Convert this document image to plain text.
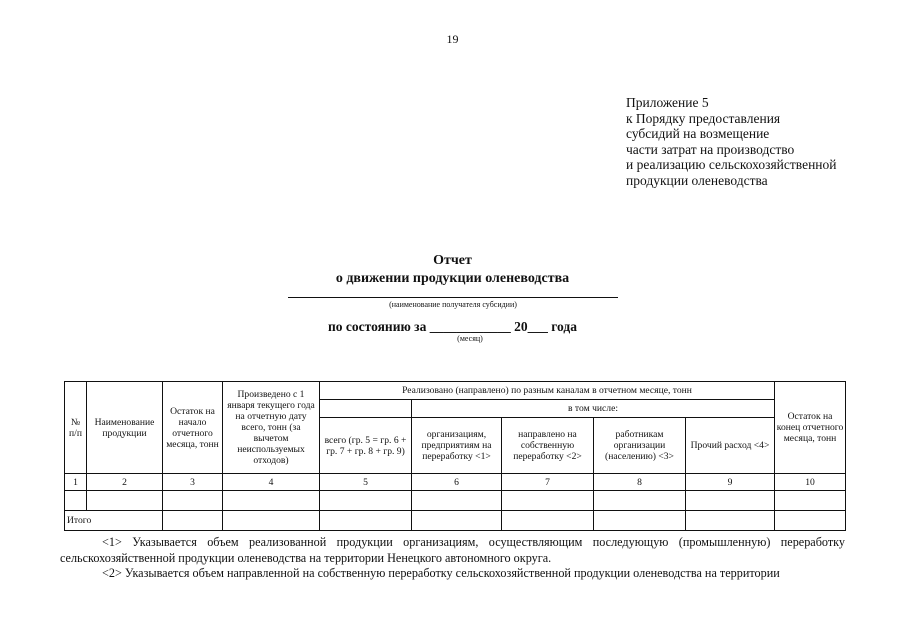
19
Приложение 5
к Порядку предоставления
субсидий на возмещение
части затрат на производство
и реализацию сельскохозяйственной
продукции оленеводства
Отчет
о движении продукции оленеводства
(наименование получателя субсидии)
по состоянию за ____________ 20___ года
(месяц)
№ п/п	Наименование продукции	Остаток на начало отчетного месяца, тонн	Произведено с 1 января текущего года на отчетную дату всего, тонн (за вычетом неиспользуемых отходов)	Реализовано (направлено) по разным каналам в отчетном месяце, тонн					Остаток на конец отчетного месяца, тонн
					в том числе:				
				всего (гр. 5 = гр. 6 + гр. 7 + гр. 8 + гр. 9)	организациям, предприятиям на переработку <1>	направлено на собственную переработку <2>	работникам организации (населению) <3>	Прочий расход <4>	
1	2	3	4	5	6	7	8	9	10

Итого									

<1> Указывается объем реализованной продукции организациям, осуществляющим последующую (промышленную) переработку сельскохозяйственной продукции оленеводства на территории Ненецкого автономного округа.

<2> Указывается объем направленной на собственную переработку сельскохозяйственной продукции оленеводства на территории
